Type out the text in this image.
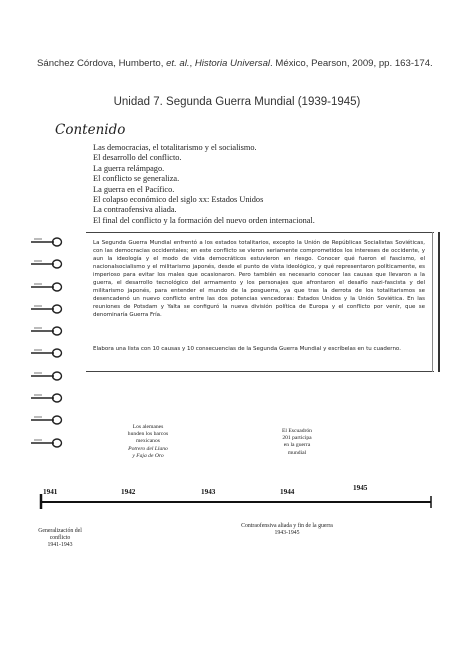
Sánchez Córdova, Humberto, et. al., Historia Universal. México, Pearson, 2009, pp. 163-174.
Unidad 7. Segunda Guerra Mundial (1939-1945)
Contenido
Las democracias, el totalitarismo y el socialismo.
El desarrollo del conflicto.
La guerra relámpago.
El conflicto se generaliza.
La guerra en el Pacífico.
El colapso económico del siglo xx: Estados Unidos
La contraofensiva aliada.
El final del conflicto y la formación del nuevo orden internacional.

La Segunda Guerra Mundial enfrentó a los estados totalitarios, excepto la Unión de Repúblicas Socialistas Soviéticas, con las democracias occidentales; en este conflicto se vieron seriamente comprometidos los intereses de occidente, y aun la ideología y el modo de vida democráticos estuvieron en riesgo. Conocer qué fueron el fascismo, el nacionalsocialismo y el militarismo japonés, desde el punto de vista ideológico, y qué representaron políticamente, es imperioso para evitar los males que ocasionaron. Pero también es necesario conocer las causas que llevaron a la guerra, el desarrollo tecnológico del armamento y los personajes que afrontaron el desafío nazi-fascista y del militarismo japonés, para entender el mundo de la posguerra, ya que tras la derrota de los totalitarismos se desencadenó un nuevo conflicto entre las dos potencias vencedoras: Estados Unidos y la Unión Soviética. En las reuniones de Potsdam y Yalta se configuró la nueva división política de Europa y el conflicto por venir, que se denominaría Guerra Fría.

Elabora una lista con 10 causas y 10 consecuencias de la Segunda Guerra Mundial y escríbelas en tu cuaderno.

Los alemanes
hunden los barcos
mexicanos
Potrero del Llano
y Faja de Oro
El Escuadrón
201 participa
en la guerra
mundial
1941	1942	1943	1944	1945
Generalización del
conflicto
1941-1943
Contraofensiva aliada y fin de la guerra
1943-1945
